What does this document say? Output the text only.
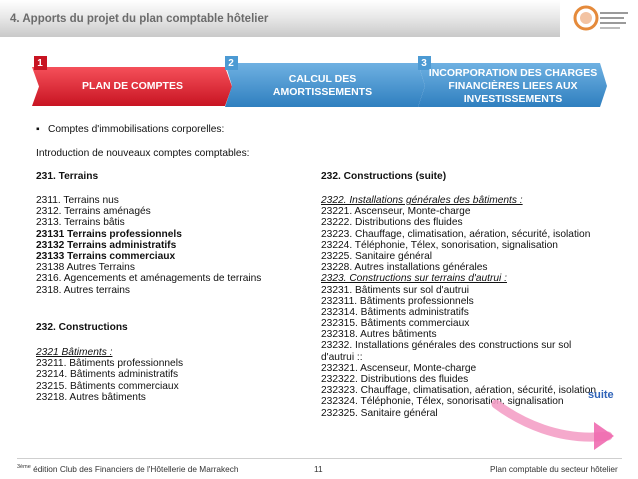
4. Apports du projet du plan comptable hôtelier
1	2	3
PLAN DE COMPTES
CALCUL DES AMORTISSEMENTS
INCORPORATION DES CHARGES FINANCIÈRES LIEES AUX INVESTISSEMENTS
▪ Comptes d'immobilisations corporelles:
Introduction de nouveaux comptes comptables:
231. Terrains
2311. Terrains nus
2312. Terrains aménagés
2313. Terrains bâtis
23131 Terrains professionnels
23132 Terrains administratifs
23133 Terrains commerciaux
23138 Autres Terrains
2316. Agencements et aménagements de terrains
2318. Autres terrains
232. Constructions
2321 Bâtiments :
23211. Bâtiments professionnels
23214. Bâtiments administratifs
23215. Bâtiments commerciaux
23218. Autres bâtiments
232. Constructions (suite)
2322. Installations générales des bâtiments :
23221. Ascenseur, Monte-charge
23222. Distributions des fluides
23223. Chauffage, climatisation, aération, sécurité, isolation
23224. Téléphonie, Télex, sonorisation, signalisation
23225. Sanitaire général
23228. Autres installations générales
2323. Constructions sur terrains d'autrui :
23231. Bâtiments sur sol d'autrui
232311. Bâtiments professionnels
232314. Bâtiments administratifs
232315. Bâtiments commerciaux
232318. Autres bâtiments
23232. Installations générales des constructions sur sol
d'autrui ::
232321. Ascenseur, Monte-charge
232322. Distributions des fluides
232323. Chauffage, climatisation, aération, sécurité, isolation
232324. Téléphonie, Télex, sonorisation, signalisation
232325. Sanitaire général
suite
$^{3ème}$ édition Club des Financiers de l'Hôtellerie de Marrakech	11	Plan comptable du secteur hôtelier
